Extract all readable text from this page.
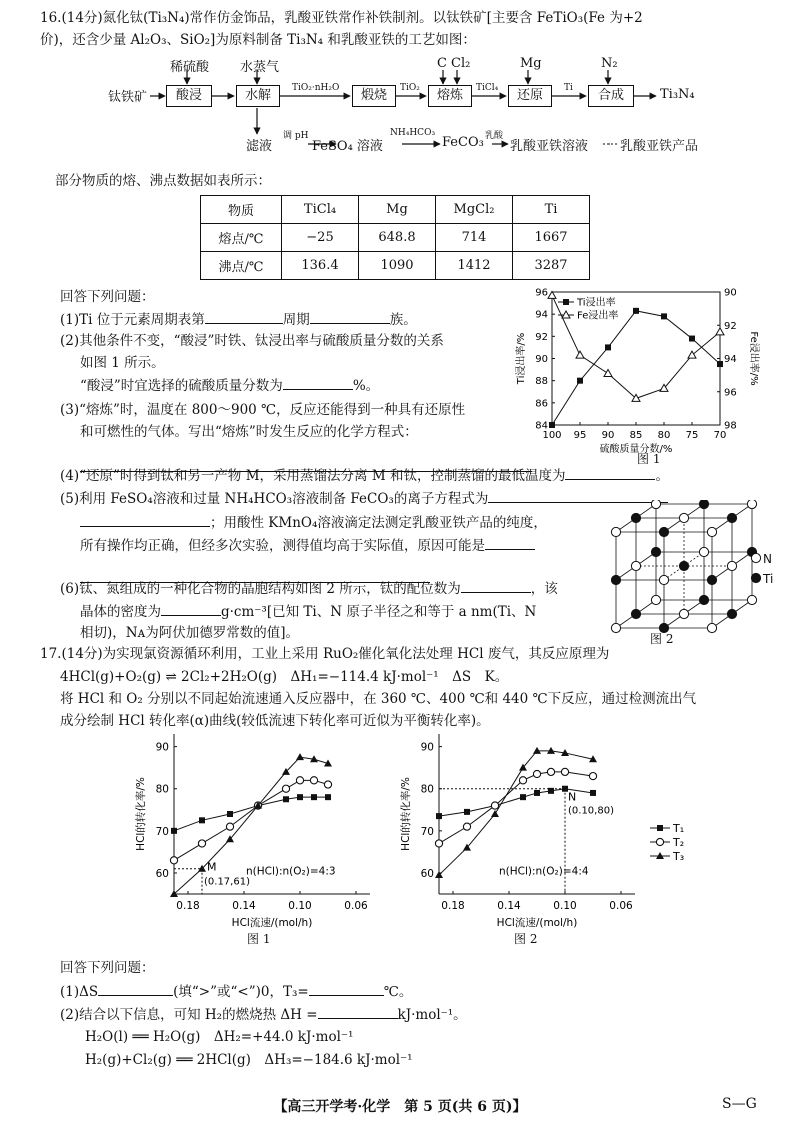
16.(14分)氮化钛(Ti₃N₄)常作仿金饰品，乳酸亚铁常作补铁制剂。以钛铁矿[主要含 FeTiO₃(Fe 为+2
价)，还含少量 Al₂O₃、SiO₂]为原料制备 Ti₃N₄ 和乳酸亚铁的工艺如图：
钛铁矿	酸浸	水解	煅烧	熔炼	还原	合成
稀硫酸 水蒸气	C Cl₂	Mg	N₂
TiO₂·nH₂O	TiO₂	TiCl₄	Ti	Ti₃N₄
滤液
调 pH
FeSO₄ 溶液
NH₄HCO₃
FeCO₃ 乳酸
乳酸亚铁溶液 乳酸亚铁产品
部分物质的熔、沸点数据如表所示：
物质	TiCl₄	Mg	MgCl₂	Ti
熔点/℃	−25	648.8	714	1667
沸点/℃	136.4	1090	1412	3287
回答下列问题：
(1)Ti 位于元素周期表第	周期	族。
(2)其他条件不变，“酸浸”时铁、钛浸出率与硫酸质量分数的关系
如图 1 所示。
“酸浸”时宜选择的硫酸质量分数为	%。
(3)“熔炼”时，温度在 800～900 ℃，反应还能得到一种具有还原性
和可燃性的气体。写出“熔炼”时发生反应的化学方程式：	100 95 90 85 80 75 70
84
86
88
90
92
94
96	90
92
94
96
98
Ti浸出率
Fe浸出率
Ti浸出率/%	Fe浸出率/%
硫酸质量分数/%
图 1
(4)“还原”时得到钛和另一产物 M，采用蒸馏法分离 M 和钛，控制蒸馏的最低温度为	。
(5)利用 FeSO₄溶液和过量 NH₄HCO₃溶液制备 FeCO₃的离子方程式为
；用酸性 KMnO₄溶液滴定法测定乳酸亚铁产品的纯度，
所有操作均正确，但经多次实验，测得值均高于实际值，原因可能是
(6)钛、氮组成的一种化合物的晶胞结构如图 2 所示，钛的配位数为	，该
晶体的密度为	g·cm⁻³[已知 Ti、N 原子半径之和等于 a nm(Ti、N
相切)，Nᴀ为阿伏加德罗常数的值]。
N
Ti
图 2
17.(14分)为实现氯资源循环利用，工业上采用 RuO₂催化氧化法处理 HCl 废气，其反应原理为
4HCl(g)+O₂(g) ⇌ 2Cl₂+2H₂O(g)　ΔH₁=−114.4 kJ·mol⁻¹　ΔS　K。
将 HCl 和 O₂ 分别以不同起始流速通入反应器中，在 360 ℃、400 ℃和 440 ℃下反应，通过检测流出气
成分绘制 HCl 转化率(α)曲线(较低流速下转化率可近似为平衡转化率)。
60
70
80
90
0.18	0.14	0.10	0.06
M
(0.17,61)
n(HCl):n(O₂)=4:3
HCl的转化率/%
HCl流速/(mol/h)
60
70
80
90
0.18	0.14	0.10	0.06
N
(0.10,80)
n(HCl):n(O₂)=4:4
HCl的转化率/%
HCl流速/(mol/h)
T₁
T₂
T₃
图 1	图 2
回答下列问题：
(1)ΔS	(填“>”或“<”)0，T₃=	℃。
(2)结合以下信息，可知 H₂的燃烧热 ΔH =	kJ·mol⁻¹。
H₂O(l) ══ H₂O(g)　ΔH₂=+44.0 kJ·mol⁻¹
H₂(g)+Cl₂(g) ══ 2HCl(g)　ΔH₃=−184.6 kJ·mol⁻¹
【高三开学考·化学　第 5 页(共 6 页)】	S—G
